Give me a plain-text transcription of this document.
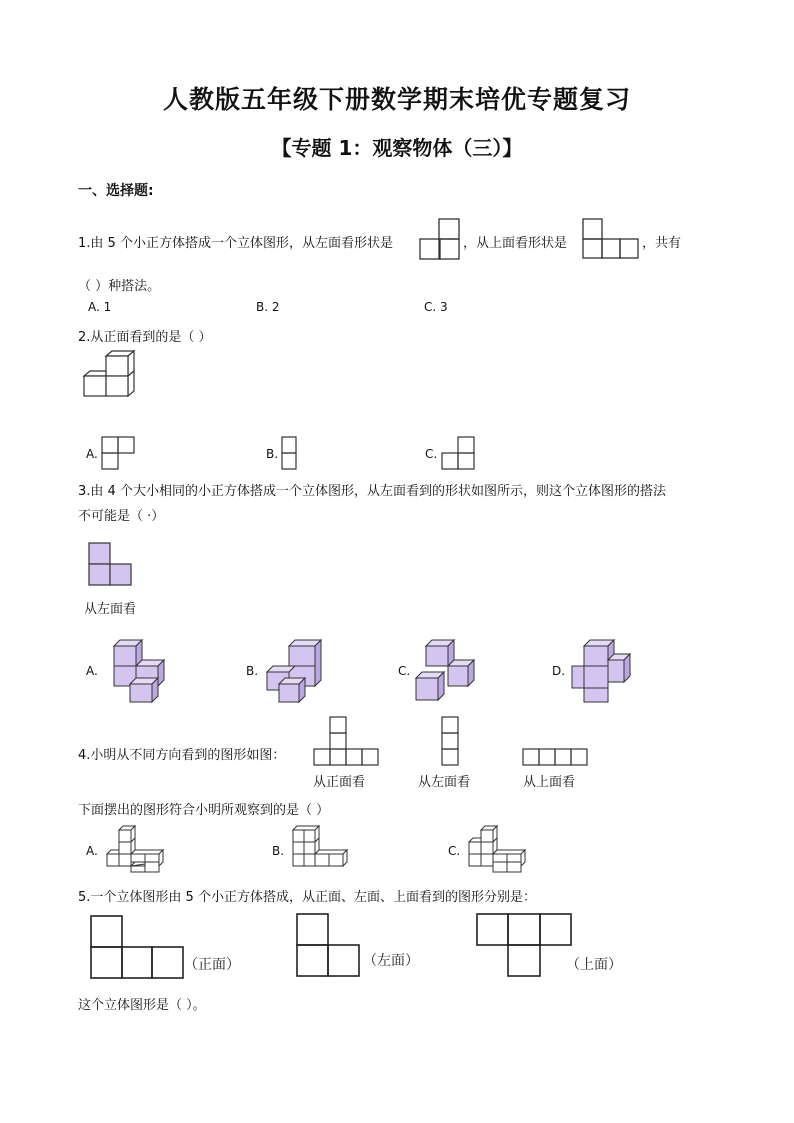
人教版五年级下册数学期末培优专题复习
【专题 1：观察物体（三）】
一、选择题:
1.由 5 个小正方体搭成一个立体图形，从左面看形状是	，从上面看形状是	，共有
（ ）种搭法。
A. 1	B. 2	C. 3
2.从正面看到的是（ ）
A.	B.	C.
3.由 4 个大小相同的小正方体搭成一个立体图形，从左面看到的形状如图所示，则这个立体图形的搭法
不可能是（ ·）
从左面看
A.	B.	C.	D.
4.小明从不同方向看到的图形如图：
从正面看	从左面看	从上面看
下面摆出的图形符合小明所观察到的是（ ）
A.	B.	C.
5.一个立体图形由 5 个小正方体搭成，从正面、左面、上面看到的图形分别是：
（正面）	（左面）	（上面）
这个立体图形是（ ）。
